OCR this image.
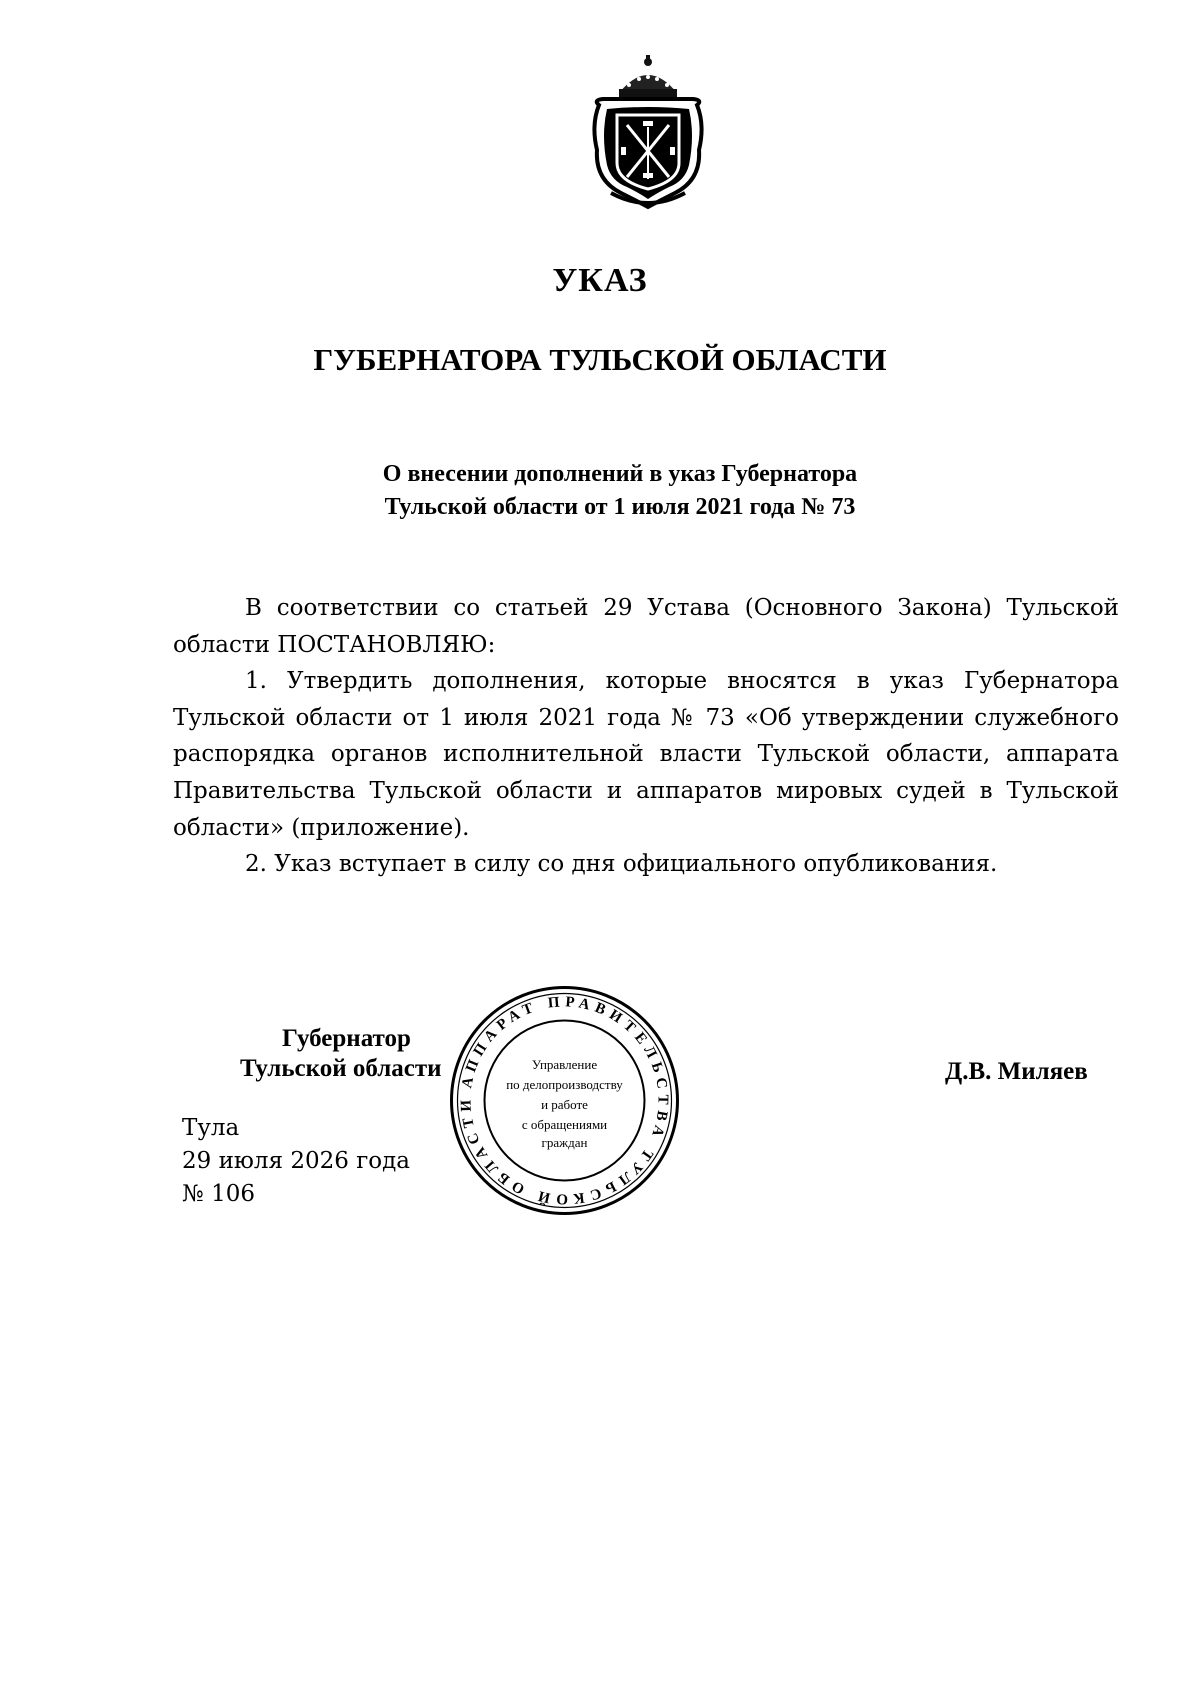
УКАЗ
ГУБЕРНАТОРА ТУЛЬСКОЙ ОБЛАСТИ
О внесении дополнений в указ Губернатора
Тульской области от 1 июля 2021 года № 73

В соответствии со статьей 29 Устава (Основного Закона) Тульской области ПОСТАНОВЛЯЮ:

1. Утвердить дополнения, которые вносятся в указ Губернатора Тульской области от 1 июля 2021 года № 73 «Об утверждении служебного распорядка органов исполнительной власти Тульской области, аппарата Правительства Тульской области и аппаратов мировых судей в Тульской области» (приложение).

2. Указ вступает в силу со дня официального опубликования.

Губернатор
Тульской области	Д.В. Миляев
Тула
29 июля 2026 года
№ 106
АППАРАТ ПРАВИТЕЛЬСТВА ТУЛЬСКОЙ ОБЛАСТИ
Управление
по делопроизводству
и работе
с обращениями
граждан
